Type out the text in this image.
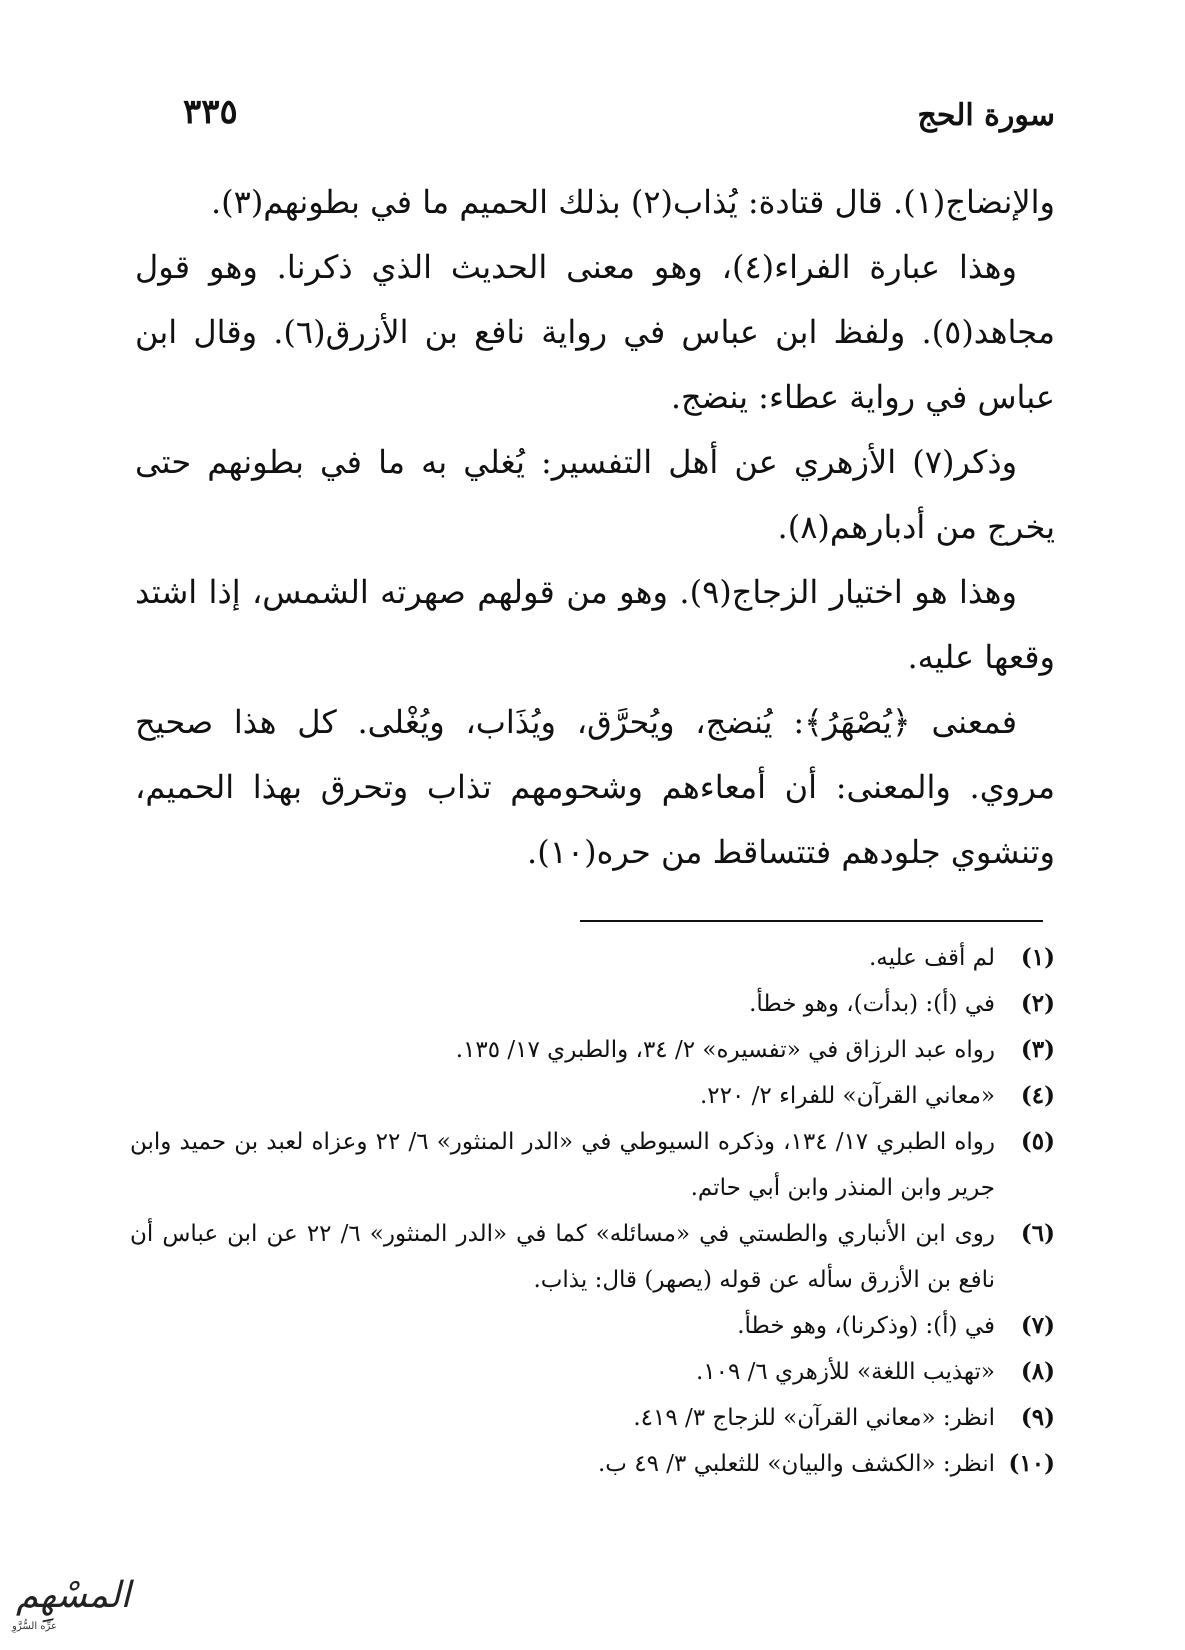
سورة الحج
٣٣٥

والإنضاج(١). قال قتادة: يُذاب(٢) بذلك الحميم ما في بطونهم(٣).

وهذا عبارة الفراء(٤)، وهو معنى الحديث الذي ذكرنا. وهو قول مجاهد(٥). ولفظ ابن عباس في رواية نافع بن الأزرق(٦). وقال ابن عباس في رواية عطاء: ينضج.

وذكر(٧) الأزهري عن أهل التفسير: يُغلي به ما في بطونهم حتى يخرج من أدبارهم(٨).

وهذا هو اختيار الزجاج(٩). وهو من قولهم صهرته الشمس، إذا اشتد وقعها عليه.

فمعنى ﴿يُصْهَرُ﴾: يُنضج، ويُحرَّق، ويُذَاب، ويُغْلى. كل هذا صحيح مروي. والمعنى: أن أمعاءهم وشحومهم تذاب وتحرق بهذا الحميم، وتنشوي جلودهم فتتساقط من حره(١٠).

(١)
لم أقف عليه.
(٢)
في (أ): (بدأت)، وهو خطأ.
(٣)
رواه عبد الرزاق في «تفسيره» ٢/ ٣٤، والطبري ١٧/ ١٣٥.
(٤)
«معاني القرآن» للفراء ٢/ ٢٢٠.
(٥)
رواه الطبري ١٧/ ١٣٤، وذكره السيوطي في «الدر المنثور» ٦/ ٢٢ وعزاه لعبد بن حميد وابن جرير وابن المنذر وابن أبي حاتم.
(٦)
روى ابن الأنباري والطستي في «مسائله» كما في «الدر المنثور» ٦/ ٢٢ عن ابن عباس أن نافع بن الأزرق سأله عن قوله (يصهر) قال: يذاب.
(٧)
في (أ): (وذكرنا)، وهو خطأ.
(٨)
«تهذيب اللغة» للأزهري ٦/ ١٠٩.
(٩)
انظر: «معاني القرآن» للزجاج ٣/ ٤١٩.
(١٠)
انظر: «الكشف والبيان» للثعلبي ٣/ ٤٩ ب.
المسْهِم
عرِّه السُّرَّوِ
